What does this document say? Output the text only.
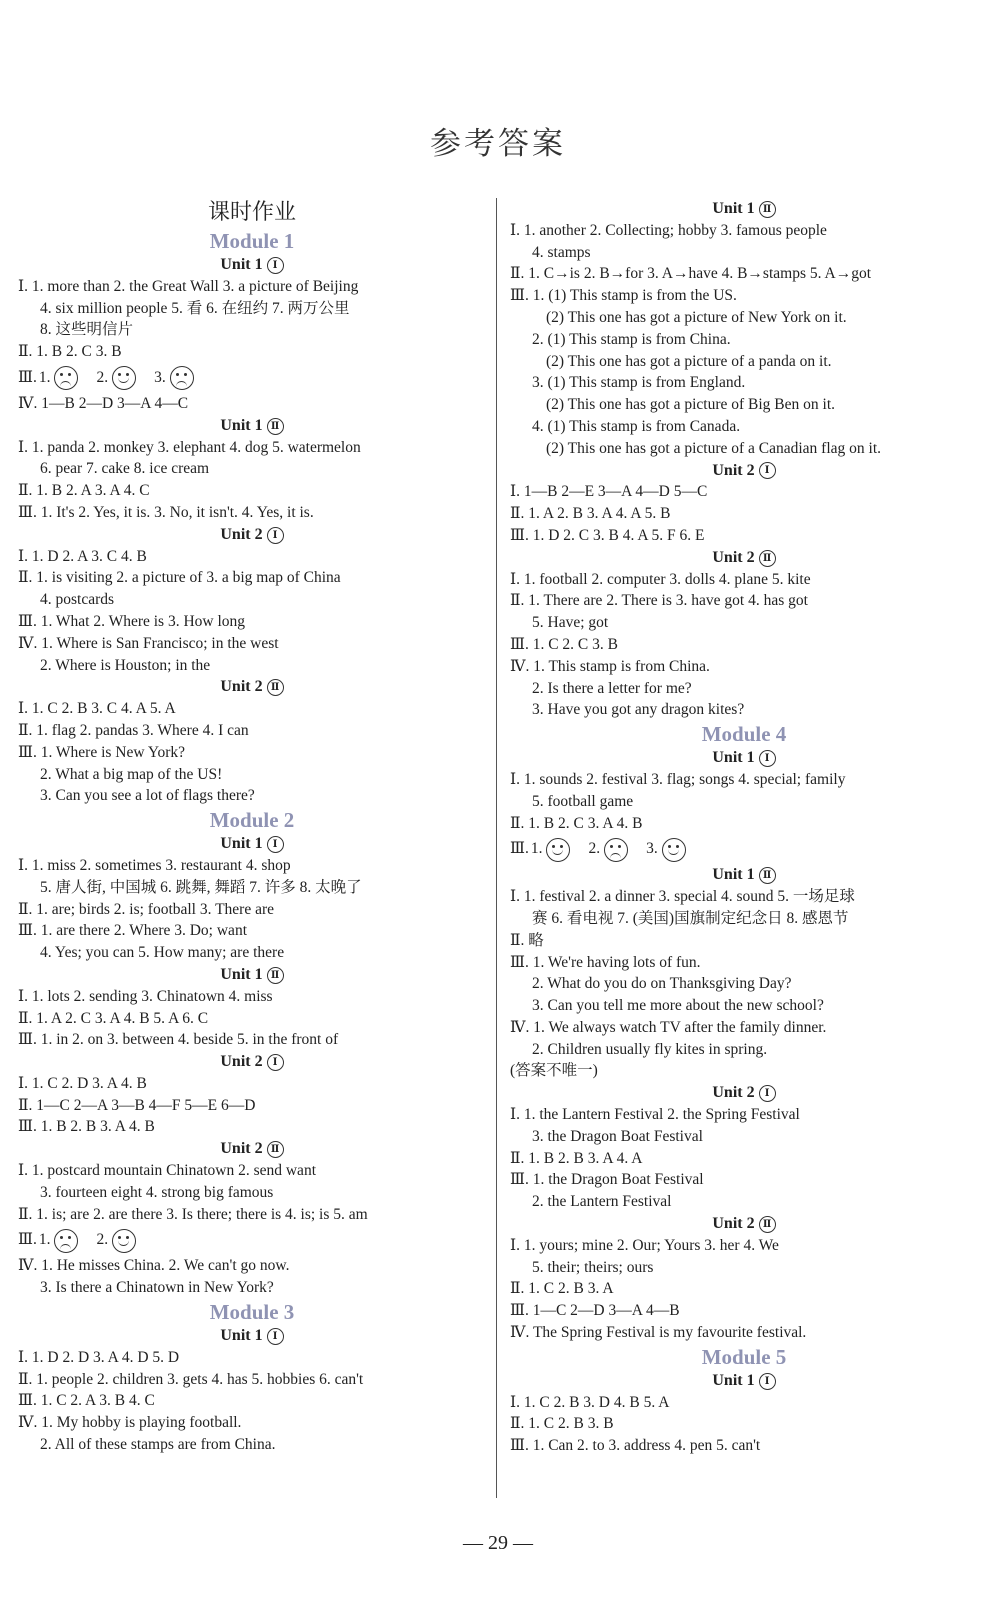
参考答案
课时作业
Module 1
Unit 1 Ⅰ
Ⅰ. 1. more than 2. the Great Wall 3. a picture of Beijing
4. six million people 5. 看 6. 在纽约 7. 两万公里
8. 这些明信片
Ⅱ. 1. B 2. C 3. B
Ⅲ. 1.	2.	3.
Ⅳ. 1—B 2—D 3—A 4—C
Unit 1 Ⅱ
Ⅰ. 1. panda 2. monkey 3. elephant 4. dog 5. watermelon
6. pear 7. cake 8. ice cream
Ⅱ. 1. B 2. A 3. A 4. C
Ⅲ. 1. It's 2. Yes, it is. 3. No, it isn't. 4. Yes, it is.
Unit 2 Ⅰ
Ⅰ. 1. D 2. A 3. C 4. B
Ⅱ. 1. is visiting 2. a picture of 3. a big map of China
4. postcards
Ⅲ. 1. What 2. Where is 3. How long
Ⅳ. 1. Where is San Francisco; in the west
2. Where is Houston; in the
Unit 2 Ⅱ
Ⅰ. 1. C 2. B 3. C 4. A 5. A
Ⅱ. 1. flag 2. pandas 3. Where 4. I can
Ⅲ. 1. Where is New York?
2. What a big map of the US!
3. Can you see a lot of flags there?
Module 2
Unit 1 Ⅰ
Ⅰ. 1. miss 2. sometimes 3. restaurant 4. shop
5. 唐人街, 中国城 6. 跳舞, 舞蹈 7. 许多 8. 太晚了
Ⅱ. 1. are; birds 2. is; football 3. There are
Ⅲ. 1. are there 2. Where 3. Do; want
4. Yes; you can 5. How many; are there
Unit 1 Ⅱ
Ⅰ. 1. lots 2. sending 3. Chinatown 4. miss
Ⅱ. 1. A 2. C 3. A 4. B 5. A 6. C
Ⅲ. 1. in 2. on 3. between 4. beside 5. in the front of
Unit 2 Ⅰ
Ⅰ. 1. C 2. D 3. A 4. B
Ⅱ. 1—C 2—A 3—B 4—F 5—E 6—D
Ⅲ. 1. B 2. B 3. A 4. B
Unit 2 Ⅱ
Ⅰ. 1. postcard mountain Chinatown 2. send want
3. fourteen eight 4. strong big famous
Ⅱ. 1. is; are 2. are there 3. Is there; there is 4. is; is 5. am
Ⅲ. 1.	2.
Ⅳ. 1. He misses China. 2. We can't go now.
3. Is there a Chinatown in New York?
Module 3
Unit 1 Ⅰ
Ⅰ. 1. D 2. D 3. A 4. D 5. D
Ⅱ. 1. people 2. children 3. gets 4. has 5. hobbies 6. can't
Ⅲ. 1. C 2. A 3. B 4. C
Ⅳ. 1. My hobby is playing football.
2. All of these stamps are from China.
Unit 1 Ⅱ
Ⅰ. 1. another 2. Collecting; hobby 3. famous people
4. stamps
Ⅱ. 1. C→is 2. B→for 3. A→have 4. B→stamps 5. A→got
Ⅲ. 1. (1) This stamp is from the US.
(2) This one has got a picture of New York on it.
2. (1) This stamp is from China.
(2) This one has got a picture of a panda on it.
3. (1) This stamp is from England.
(2) This one has got a picture of Big Ben on it.
4. (1) This stamp is from Canada.
(2) This one has got a picture of a Canadian flag on it.
Unit 2 Ⅰ
Ⅰ. 1—B 2—E 3—A 4—D 5—C
Ⅱ. 1. A 2. B 3. A 4. A 5. B
Ⅲ. 1. D 2. C 3. B 4. A 5. F 6. E
Unit 2 Ⅱ
Ⅰ. 1. football 2. computer 3. dolls 4. plane 5. kite
Ⅱ. 1. There are 2. There is 3. have got 4. has got
5. Have; got
Ⅲ. 1. C 2. C 3. B
Ⅳ. 1. This stamp is from China.
2. Is there a letter for me?
3. Have you got any dragon kites?
Module 4
Unit 1 Ⅰ
Ⅰ. 1. sounds 2. festival 3. flag; songs 4. special; family
5. football game
Ⅱ. 1. B 2. C 3. A 4. B
Ⅲ. 1.	2.	3.
Unit 1 Ⅱ
Ⅰ. 1. festival 2. a dinner 3. special 4. sound 5. 一场足球
赛 6. 看电视 7. (美国)国旗制定纪念日 8. 感恩节
Ⅱ. 略
Ⅲ. 1. We're having lots of fun.
2. What do you do on Thanksgiving Day?
3. Can you tell me more about the new school?
Ⅳ. 1. We always watch TV after the family dinner.
2. Children usually fly kites in spring.
(答案不唯一)
Unit 2 Ⅰ
Ⅰ. 1. the Lantern Festival 2. the Spring Festival
3. the Dragon Boat Festival
Ⅱ. 1. B 2. B 3. A 4. A
Ⅲ. 1. the Dragon Boat Festival
2. the Lantern Festival
Unit 2 Ⅱ
Ⅰ. 1. yours; mine 2. Our; Yours 3. her 4. We
5. their; theirs; ours
Ⅱ. 1. C 2. B 3. A
Ⅲ. 1—C 2—D 3—A 4—B
Ⅳ. The Spring Festival is my favourite festival.
Module 5
Unit 1 Ⅰ
Ⅰ. 1. C 2. B 3. D 4. B 5. A
Ⅱ. 1. C 2. B 3. B
Ⅲ. 1. Can 2. to 3. address 4. pen 5. can't
— 29 —
